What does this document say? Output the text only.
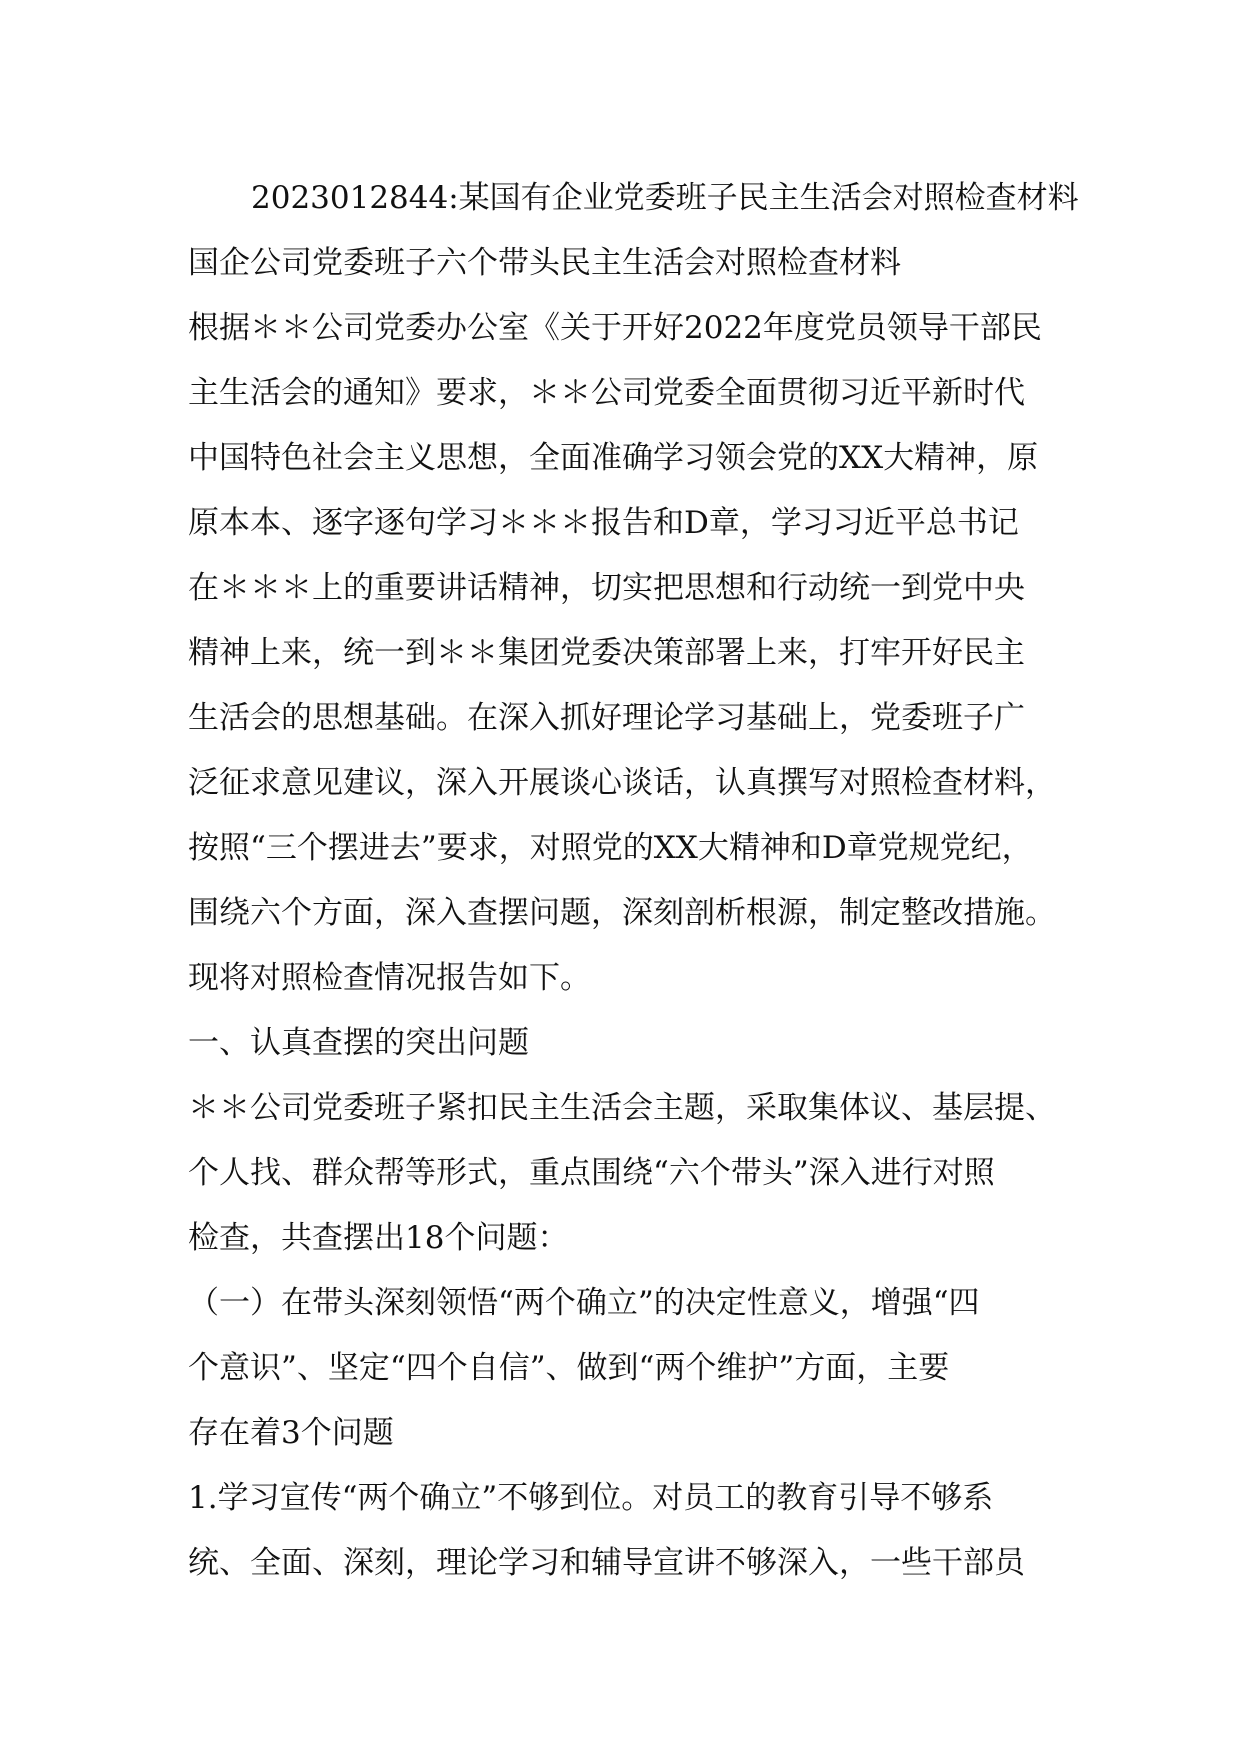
2023012844:某国有企业党委班子民主生活会对照检查材料

国企公司党委班子六个带头民主生活会对照检查材料

根据＊＊公司党委办公室《关于开好2022年度党员领导干部民

主生活会的通知》要求，＊＊公司党委全面贯彻习近平新时代

中国特色社会主义思想，全面准确学习领会党的XX大精神，原

原本本、逐字逐句学习＊＊＊报告和D章，学习习近平总书记

在＊＊＊上的重要讲话精神，切实把思想和行动统一到党中央

精神上来，统一到＊＊集团党委决策部署上来，打牢开好民主

生活会的思想基础。在深入抓好理论学习基础上，党委班子广

泛征求意见建议，深入开展谈心谈话，认真撰写对照检查材料，

按照“三个摆进去”要求，对照党的XX大精神和D章党规党纪，

围绕六个方面，深入查摆问题，深刻剖析根源，制定整改措施。

现将对照检查情况报告如下。

一、认真查摆的突出问题

＊＊公司党委班子紧扣民主生活会主题，采取集体议、基层提、

个人找、群众帮等形式，重点围绕“六个带头”深入进行对照

检查，共查摆出18个问题：

（一）在带头深刻领悟“两个确立”的决定性意义，增强“四

个意识”、坚定“四个自信”、做到“两个维护”方面，主要

存在着3个问题

1.学习宣传“两个确立”不够到位。对员工的教育引导不够系

统、全面、深刻，理论学习和辅导宣讲不够深入，一些干部员
